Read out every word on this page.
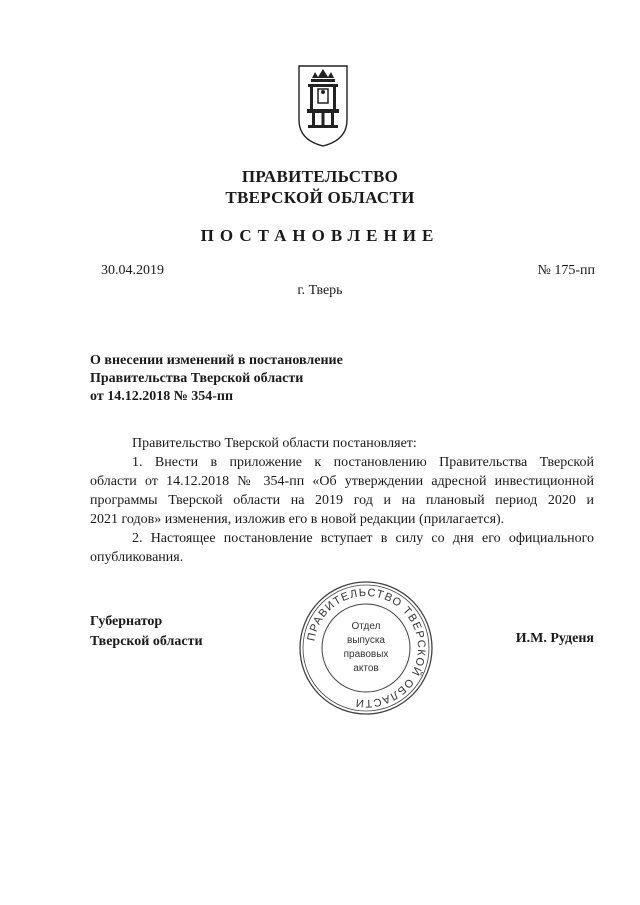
ПРАВИТЕЛЬСТВО
ТВЕРСКОЙ ОБЛАСТИ
ПОСТАНОВЛЕНИЕ
30.04.2019	№ 175-пп
г. Тверь
О внесении изменений в постановление
Правительства Тверской области
от 14.12.2018 № 354-пп

Правительство Тверской области постановляет:

1. Внести в приложение к постановлению Правительства Тверской

области от 14.12.2018 № 354-пп «Об утверждении адресной инвестиционной

программы Тверской области на 2019 год и на плановый период 2020 и

2021 годов» изменения, изложив его в новой редакции (прилагается).

2. Настоящее постановление вступает в силу со дня его официального

опубликования.

Губернатор
Тверской области	ПРАВИТЕЛЬСТВО ТВЕРСКОЙ ОБЛАСТИ
Отдел
выпуска
правовых
актов
И.М. Руденя
